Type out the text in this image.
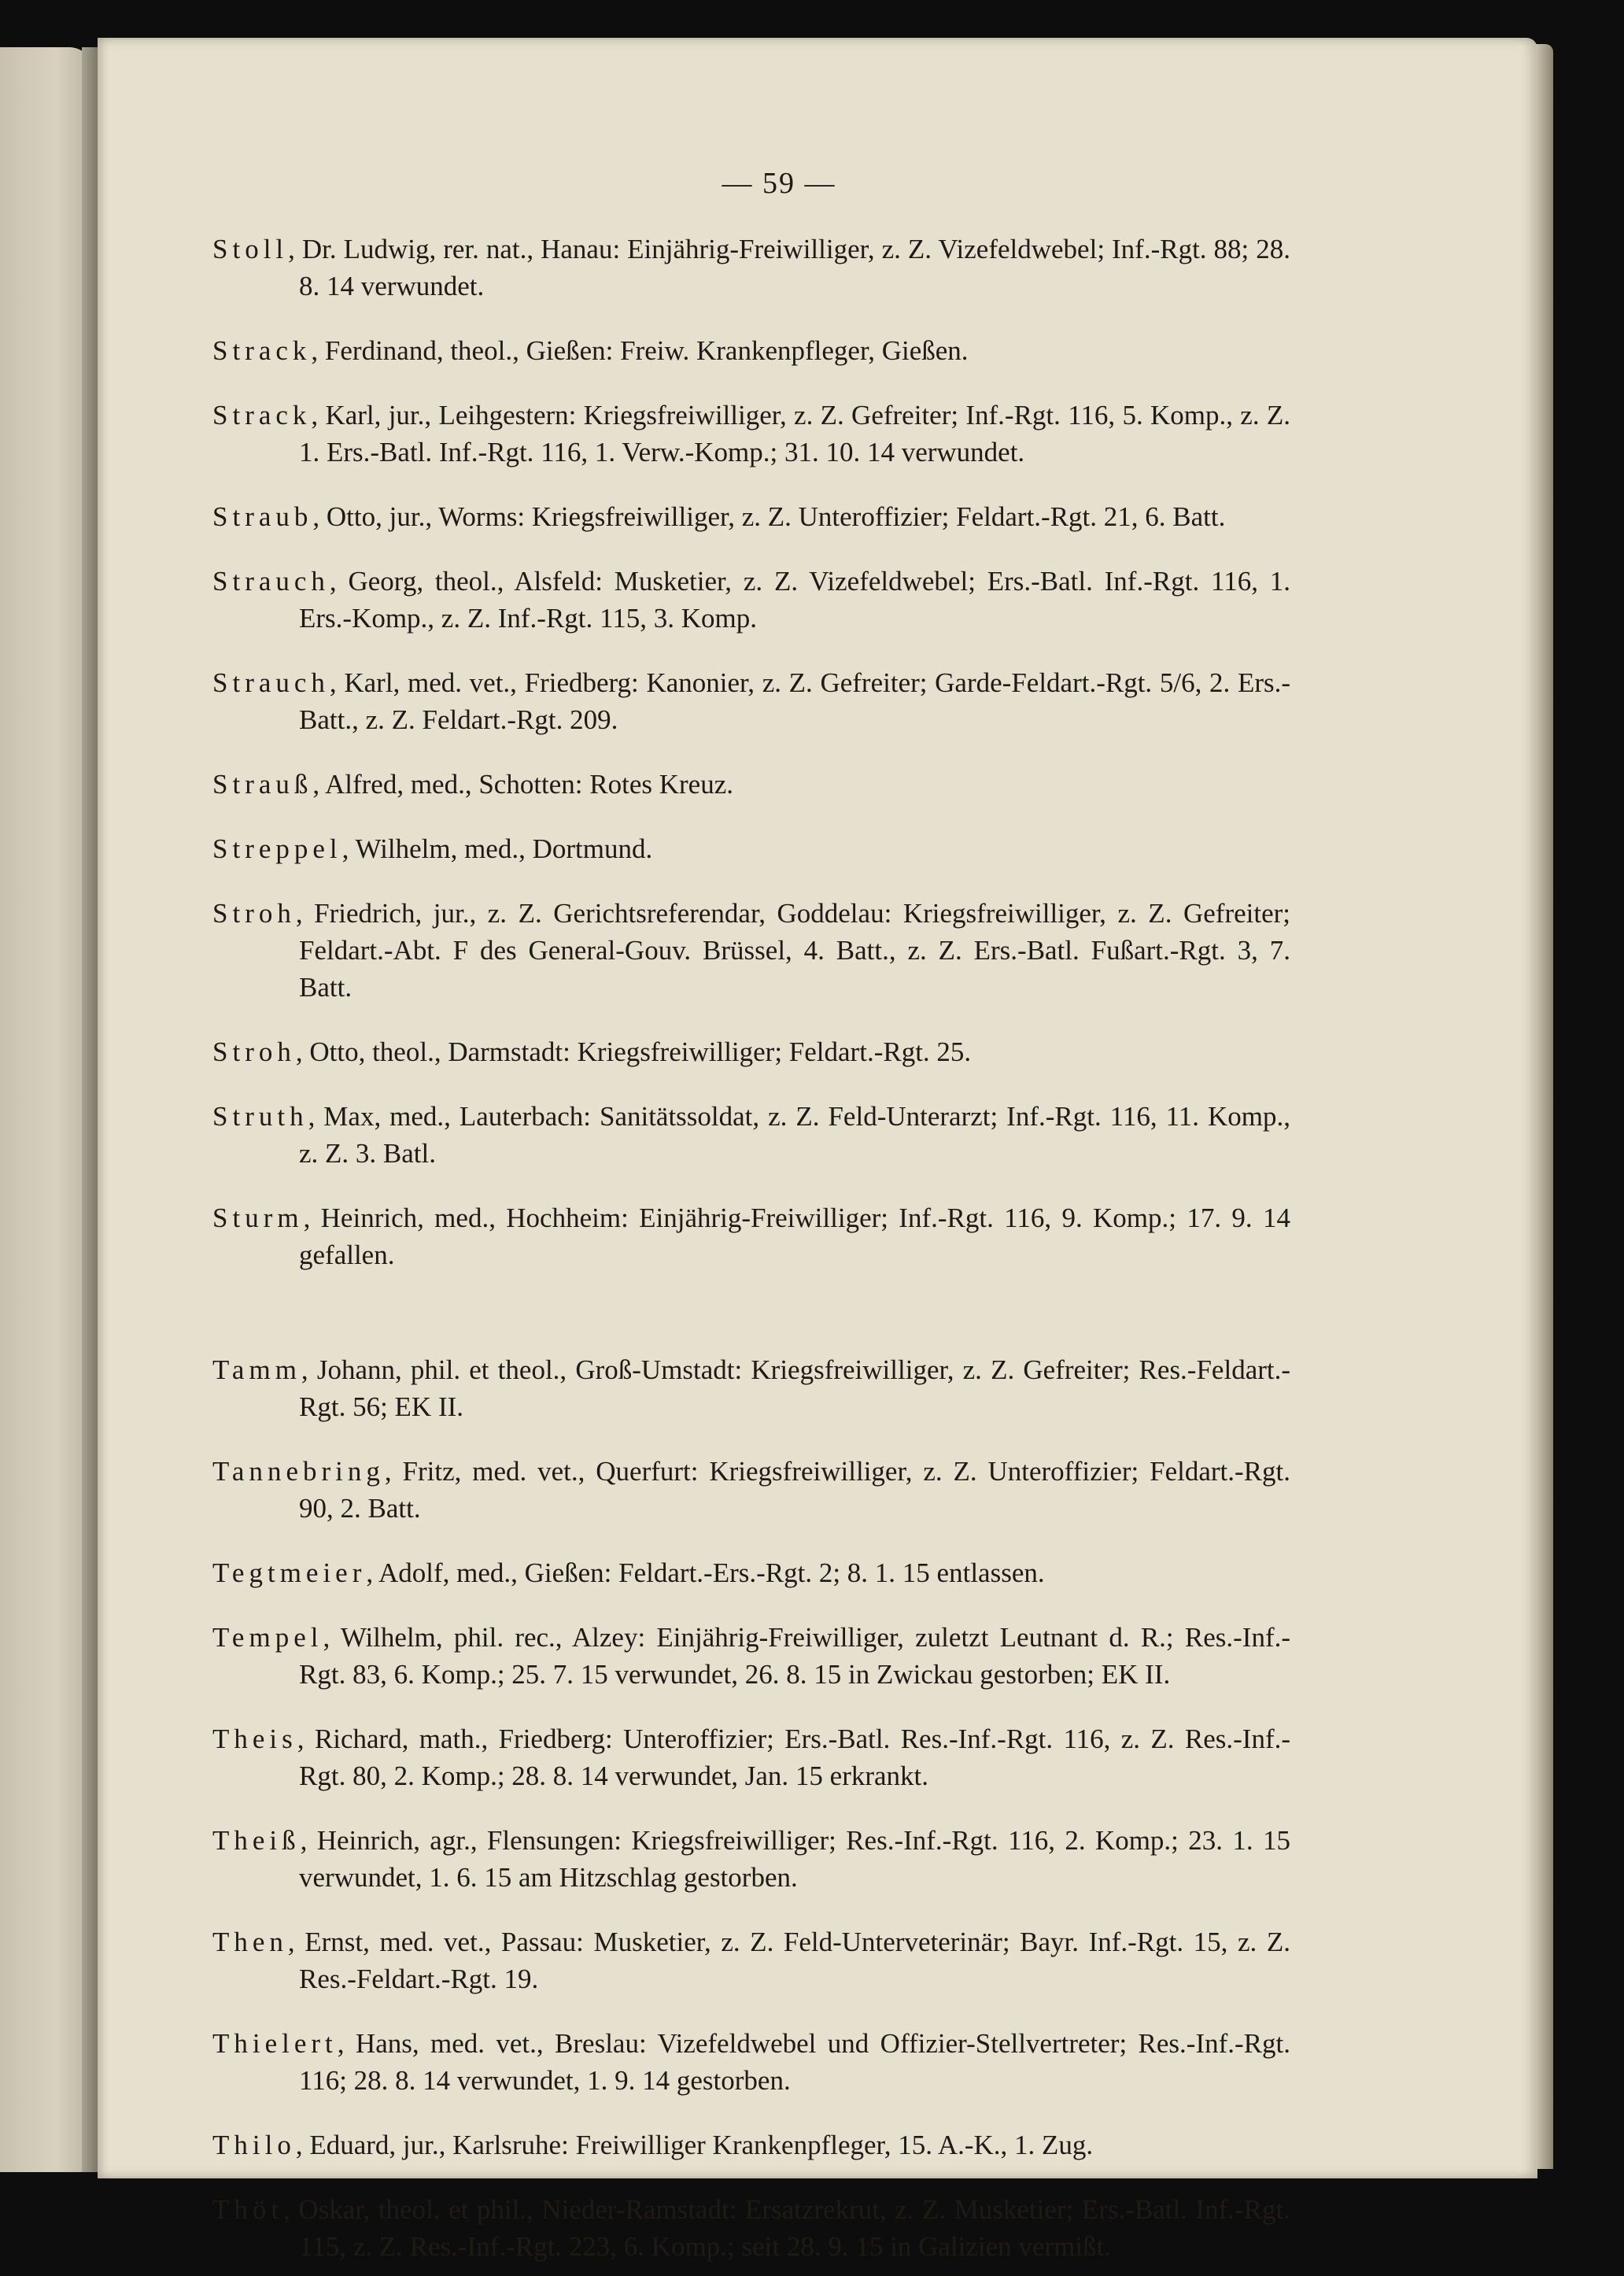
— 59 —

Stoll, Dr. Ludwig, rer. nat., Hanau: Einjährig-Freiwilliger, z. Z. Vizefeldwebel; Inf.-Rgt. 88; 28. 8. 14 verwundet.

Strack, Ferdinand, theol., Gießen: Freiw. Krankenpfleger, Gießen.

Strack, Karl, jur., Leihgestern: Kriegsfreiwilliger, z. Z. Gefreiter; Inf.-Rgt. 116, 5. Komp., z. Z. 1. Ers.-Batl. Inf.-Rgt. 116, 1. Verw.-Komp.; 31. 10. 14 verwundet.

Straub, Otto, jur., Worms: Kriegsfreiwilliger, z. Z. Unteroffizier; Feldart.-Rgt. 21, 6. Batt.

Strauch, Georg, theol., Alsfeld: Musketier, z. Z. Vizefeldwebel; Ers.-Batl. Inf.-Rgt. 116, 1. Ers.-Komp., z. Z. Inf.-Rgt. 115, 3. Komp.

Strauch, Karl, med. vet., Friedberg: Kanonier, z. Z. Gefreiter; Garde-Feldart.-Rgt. 5/6, 2. Ers.-Batt., z. Z. Feldart.-Rgt. 209.

Strauß, Alfred, med., Schotten: Rotes Kreuz.

Streppel, Wilhelm, med., Dortmund.

Stroh, Friedrich, jur., z. Z. Gerichtsreferendar, Goddelau: Kriegsfreiwilliger, z. Z. Gefreiter; Feldart.-Abt. F des General-Gouv. Brüssel, 4. Batt., z. Z. Ers.-Batl. Fußart.-Rgt. 3, 7. Batt.

Stroh, Otto, theol., Darmstadt: Kriegsfreiwilliger; Feldart.-Rgt. 25.

Struth, Max, med., Lauterbach: Sanitätssoldat, z. Z. Feld-Unterarzt; Inf.-Rgt. 116, 11. Komp., z. Z. 3. Batl.

Sturm, Heinrich, med., Hochheim: Einjährig-Freiwilliger; Inf.-Rgt. 116, 9. Komp.; 17. 9. 14 gefallen.

Tamm, Johann, phil. et theol., Groß-Umstadt: Kriegsfreiwilliger, z. Z. Gefreiter; Res.-Feldart.-Rgt. 56; EK II.

Tannebring, Fritz, med. vet., Querfurt: Kriegsfreiwilliger, z. Z. Unteroffizier; Feldart.-Rgt. 90, 2. Batt.

Tegtmeier, Adolf, med., Gießen: Feldart.-Ers.-Rgt. 2; 8. 1. 15 entlassen.

Tempel, Wilhelm, phil. rec., Alzey: Einjährig-Freiwilliger, zuletzt Leutnant d. R.; Res.-Inf.-Rgt. 83, 6. Komp.; 25. 7. 15 verwundet, 26. 8. 15 in Zwickau gestorben; EK II.

Theis, Richard, math., Friedberg: Unteroffizier; Ers.-Batl. Res.-Inf.-Rgt. 116, z. Z. Res.-Inf.-Rgt. 80, 2. Komp.; 28. 8. 14 verwundet, Jan. 15 erkrankt.

Theiß, Heinrich, agr., Flensungen: Kriegsfreiwilliger; Res.-Inf.-Rgt. 116, 2. Komp.; 23. 1. 15 verwundet, 1. 6. 15 am Hitzschlag gestorben.

Then, Ernst, med. vet., Passau: Musketier, z. Z. Feld-Unterveterinär; Bayr. Inf.-Rgt. 15, z. Z. Res.-Feldart.-Rgt. 19.

Thielert, Hans, med. vet., Breslau: Vizefeldwebel und Offizier-Stellvertreter; Res.-Inf.-Rgt. 116; 28. 8. 14 verwundet, 1. 9. 14 gestorben.

Thilo, Eduard, jur., Karlsruhe: Freiwilliger Krankenpfleger, 15. A.-K., 1. Zug.

Thöt, Oskar, theol. et phil., Nieder-Ramstadt: Ersatzrekrut, z. Z. Musketier; Ers.-Batl. Inf.-Rgt. 115, z. Z. Res.-Inf.-Rgt. 223, 6. Komp.; seit 28. 9. 15 in Galizien vermißt.
